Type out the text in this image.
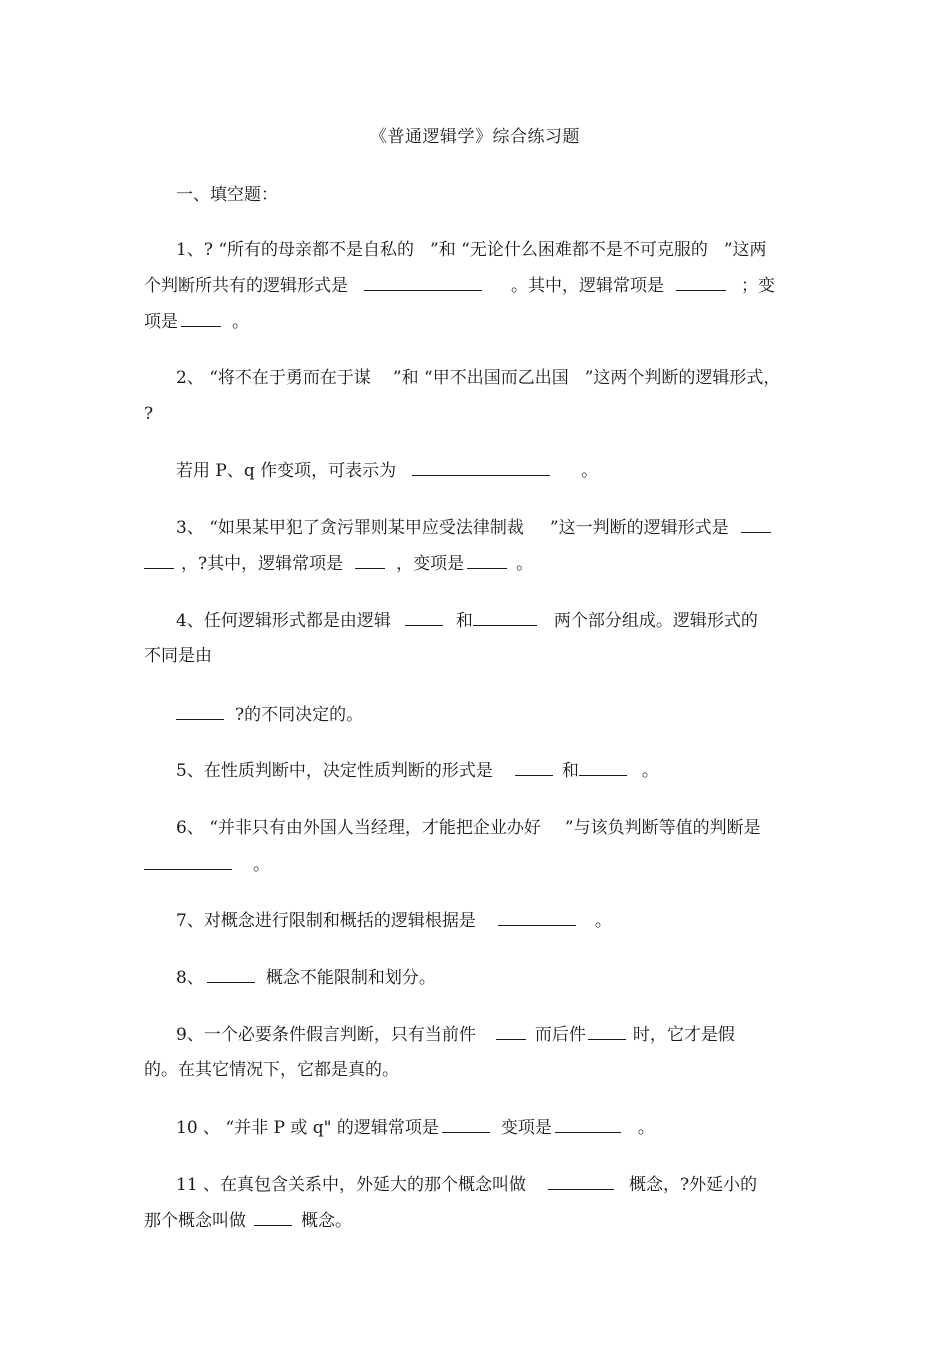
《普通逻辑学》综合练习题
一、填空题：
1、? “所有的母亲都不是自私的 ”和 “无论什么困难都不是不可克服的 ”这两
个判断所共有的逻辑形式是	。其中，逻辑常项是	；变
项是	。
2、 “将不在于勇而在于谋 ”和 “甲不出国而乙出国 ”这两个判断的逻辑形式，
?
若用 P、q 作变项，可表示为	。
3、 “如果某甲犯了贪污罪则某甲应受法律制裁 ”这一判断的逻辑形式是
，?其中，逻辑常项是	，变项是	。
4、任何逻辑形式都是由逻辑	和	两个部分组成。逻辑形式的
不同是由
?的不同决定的。
5、在性质判断中，决定性质判断的形式是	和	。
6、 “并非只有由外国人当经理，才能把企业办好 ”与该负判断等值的判断是
。
7、对概念进行限制和概括的逻辑根据是	。
8、	概念不能限制和划分。
9、一个必要条件假言判断，只有当前件	而后件	时，它才是假
的。在其它情况下，它都是真的。
10 、 “并非 P 或 q" 的逻辑常项是	变项是	。
11 、在真包含关系中，外延大的那个概念叫做	概念，?外延小的
那个概念叫做	概念。
